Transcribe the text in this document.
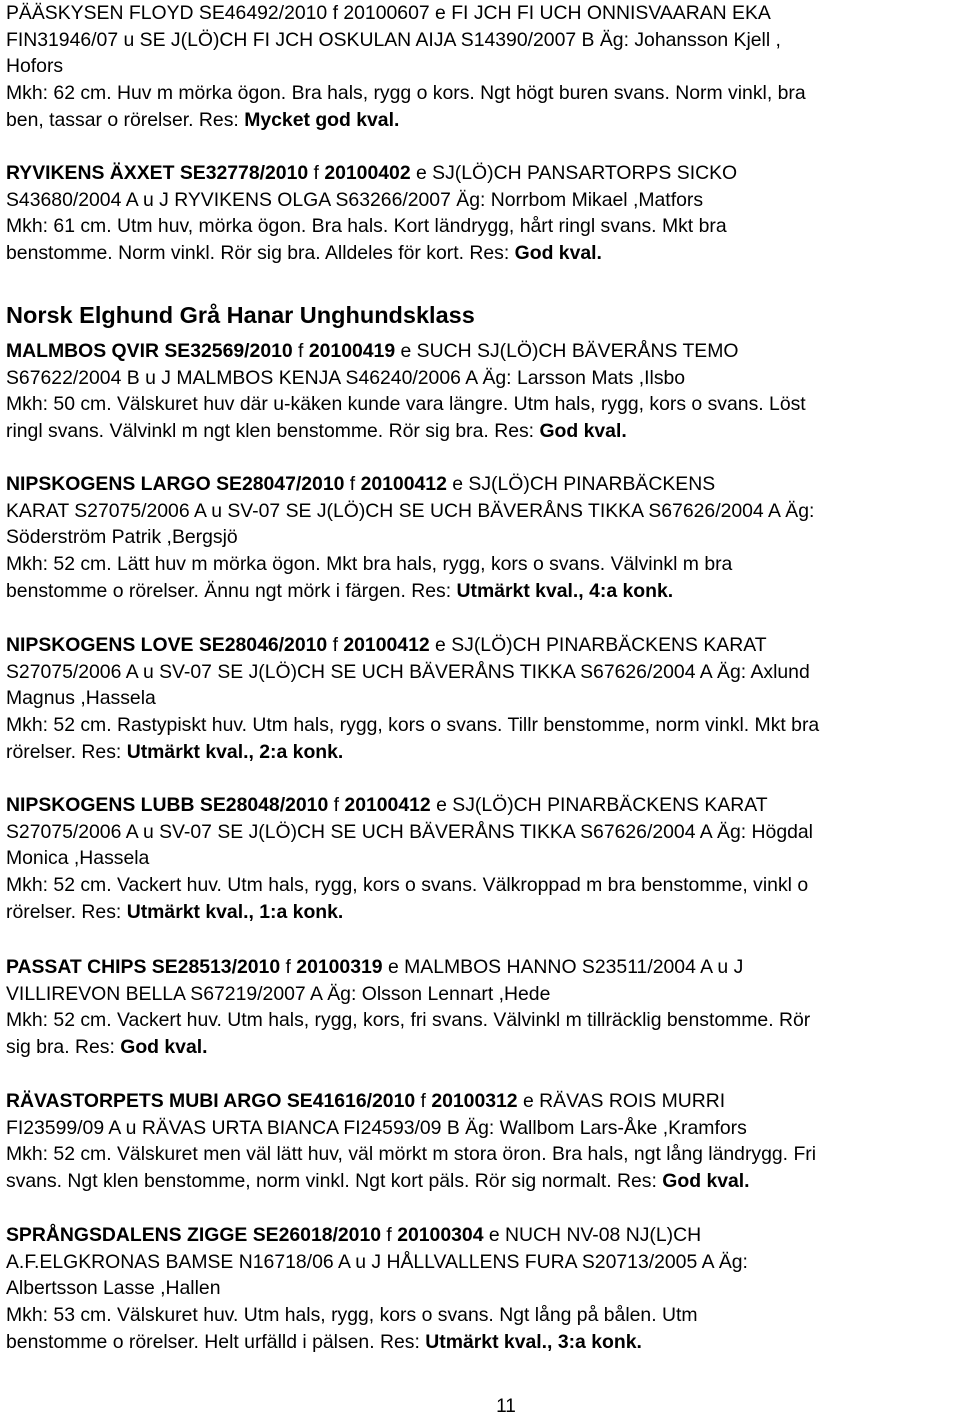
PÄÄSKYSEN FLOYD SE46492/2010 f 20100607 e FI JCH FI UCH ONNISVAARAN EKA
FIN31946/07 u SE J(LÖ)CH FI JCH OSKULAN AIJA S14390/2007 B Äg: Johansson Kjell ,
Hofors
Mkh: 62 cm. Huv m mörka ögon. Bra hals, rygg o kors. Ngt högt buren svans. Norm vinkl, bra
ben, tassar o rörelser. Res: Mycket god kval.
RYVIKENS ÄXXET SE32778/2010 f 20100402 e SJ(LÖ)CH PANSARTORPS SICKO
S43680/2004 A u J RYVIKENS OLGA S63266/2007 Äg: Norrbom Mikael ,Matfors
Mkh: 61 cm. Utm huv, mörka ögon. Bra hals. Kort ländrygg, hårt ringl svans. Mkt bra
benstomme. Norm vinkl. Rör sig bra. Alldeles för kort. Res: God kval.
Norsk Elghund Grå Hanar Unghundsklass
MALMBOS QVIR SE32569/2010 f 20100419 e SUCH SJ(LÖ)CH BÄVERÅNS TEMO
S67622/2004 B u J MALMBOS KENJA S46240/2006 A Äg: Larsson Mats ,Ilsbo
Mkh: 50 cm. Välskuret huv där u-käken kunde vara längre. Utm hals, rygg, kors o svans. Löst
ringl svans. Välvinkl m ngt klen benstomme. Rör sig bra. Res: God kval.
NIPSKOGENS LARGO SE28047/2010 f 20100412 e SJ(LÖ)CH PINARBÄCKENS
KARAT S27075/2006 A u SV-07 SE J(LÖ)CH SE UCH BÄVERÅNS TIKKA S67626/2004 A Äg:
Söderström Patrik ,Bergsjö
Mkh: 52 cm. Lätt huv m mörka ögon. Mkt bra hals, rygg, kors o svans. Välvinkl m bra
benstomme o rörelser. Ännu ngt mörk i färgen. Res: Utmärkt kval., 4:a konk.
NIPSKOGENS LOVE SE28046/2010 f 20100412 e SJ(LÖ)CH PINARBÄCKENS KARAT
S27075/2006 A u SV-07 SE J(LÖ)CH SE UCH BÄVERÅNS TIKKA S67626/2004 A Äg: Axlund
Magnus ,Hassela
Mkh: 52 cm. Rastypiskt huv. Utm hals, rygg, kors o svans. Tillr benstomme, norm vinkl. Mkt bra
rörelser. Res: Utmärkt kval., 2:a konk.
NIPSKOGENS LUBB SE28048/2010 f 20100412 e SJ(LÖ)CH PINARBÄCKENS KARAT
S27075/2006 A u SV-07 SE J(LÖ)CH SE UCH BÄVERÅNS TIKKA S67626/2004 A Äg: Högdal
Monica ,Hassela
Mkh: 52 cm. Vackert huv. Utm hals, rygg, kors o svans. Välkroppad m bra benstomme, vinkl o
rörelser. Res: Utmärkt kval., 1:a konk.
PASSAT CHIPS SE28513/2010 f 20100319 e MALMBOS HANNO S23511/2004 A u J
VILLIREVON BELLA S67219/2007 A Äg: Olsson Lennart ,Hede
Mkh: 52 cm. Vackert huv. Utm hals, rygg, kors, fri svans. Välvinkl m tillräcklig benstomme. Rör
sig bra. Res: God kval.
RÄVASTORPETS MUBI ARGO SE41616/2010 f 20100312 e RÄVAS ROIS MURRI
FI23599/09 A u RÄVAS URTA BIANCA FI24593/09 B Äg: Wallbom Lars-Åke ,Kramfors
Mkh: 52 cm. Välskuret men väl lätt huv, väl mörkt m stora öron. Bra hals, ngt lång ländrygg. Fri
svans. Ngt klen benstomme, norm vinkl. Ngt kort päls. Rör sig normalt. Res: God kval.
SPRÅNGSDALENS ZIGGE SE26018/2010 f 20100304 e NUCH NV-08 NJ(L)CH
A.F.ELGKRONAS BAMSE N16718/06 A u J HÅLLVALLENS FURA S20713/2005 A Äg:
Albertsson Lasse ,Hallen
Mkh: 53 cm. Välskuret huv. Utm hals, rygg, kors o svans. Ngt lång på bålen. Utm
benstomme o rörelser. Helt urfälld i pälsen. Res: Utmärkt kval., 3:a konk.
11
